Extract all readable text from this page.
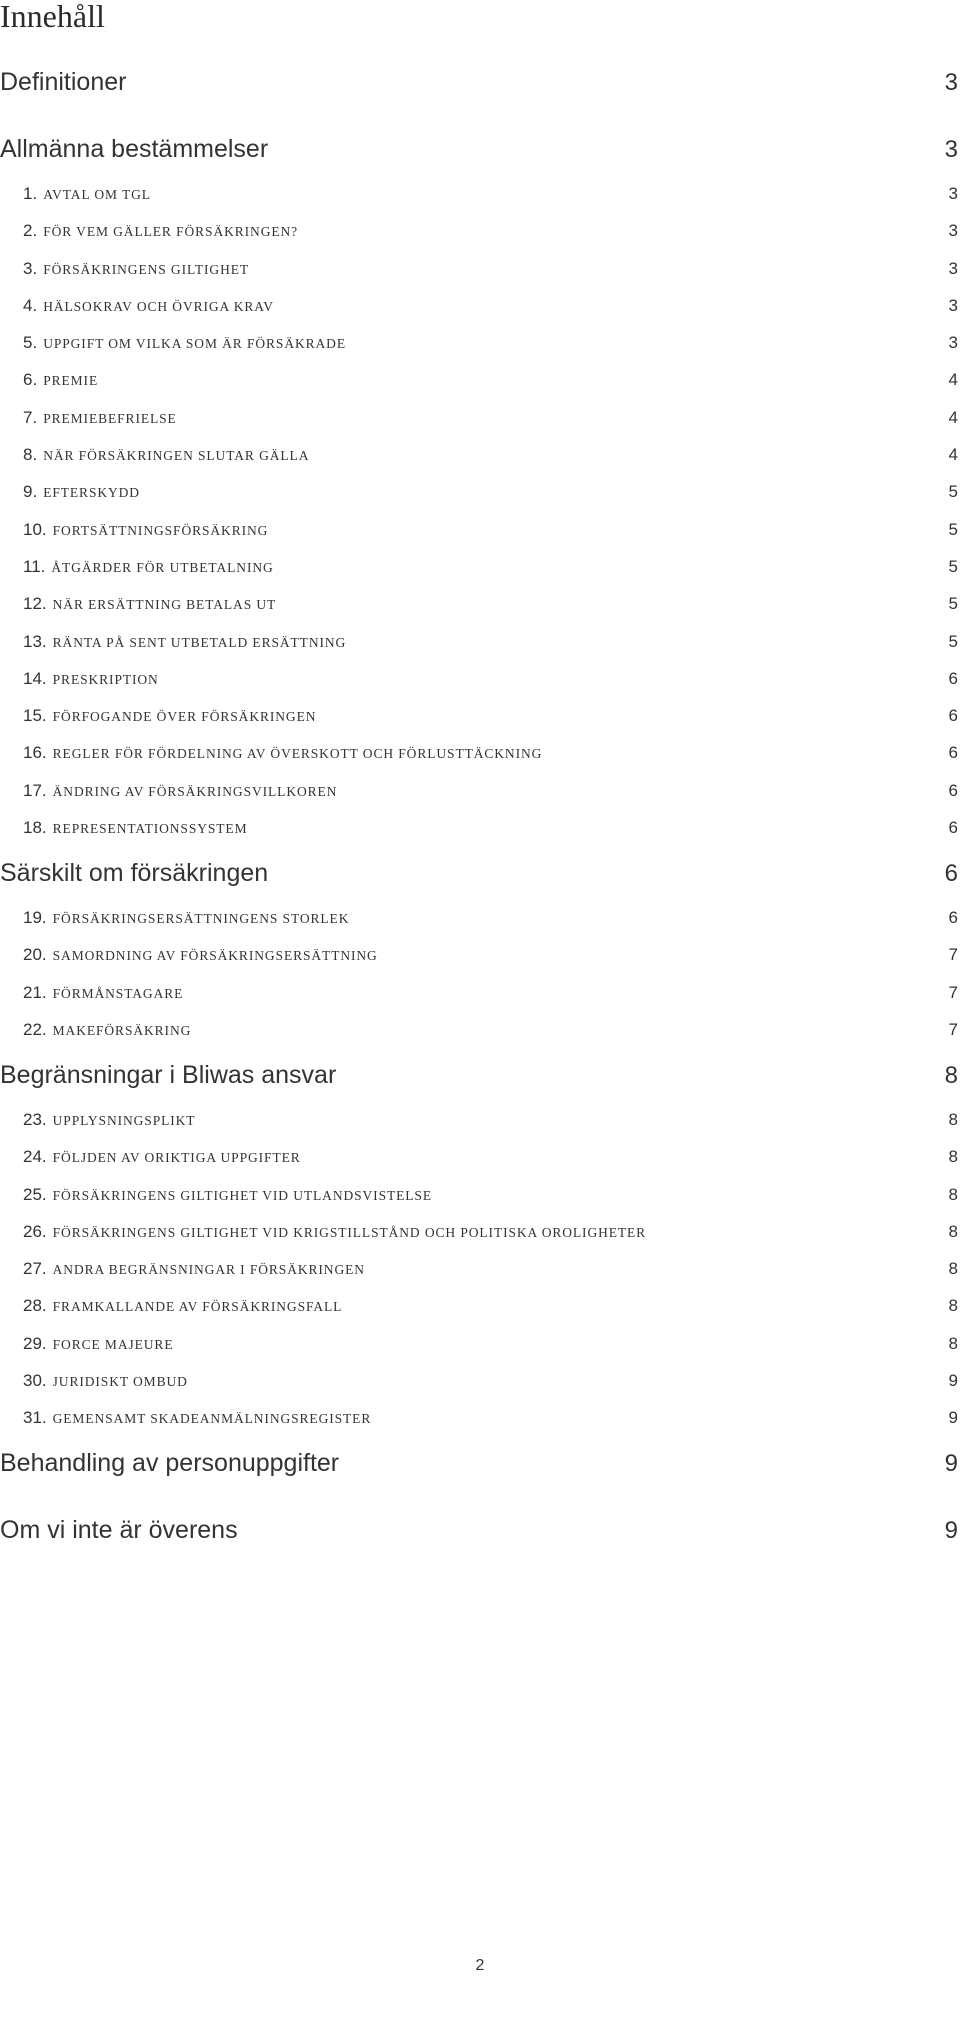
Innehåll
Definitioner	3
Allmänna bestämmelser	3
1. AVTAL OM TGL	3
2. FÖR VEM GÄLLER FÖRSÄKRINGEN?	3
3. FÖRSÄKRINGENS GILTIGHET	3
4. HÄLSOKRAV OCH ÖVRIGA KRAV	3
5. UPPGIFT OM VILKA SOM ÄR FÖRSÄKRADE	3
6. PREMIE	4
7. PREMIEBEFRIELSE	4
8. NÄR FÖRSÄKRINGEN SLUTAR GÄLLA	4
9. EFTERSKYDD	5
10. FORTSÄTTNINGSFÖRSÄKRING	5
11. ÅTGÄRDER FÖR UTBETALNING	5
12. NÄR ERSÄTTNING BETALAS UT	5
13. RÄNTA PÅ SENT UTBETALD ERSÄTTNING	5
14. PRESKRIPTION	6
15. FÖRFOGANDE ÖVER FÖRSÄKRINGEN	6
16. REGLER FÖR FÖRDELNING AV ÖVERSKOTT OCH FÖRLUSTTÄCKNING	6
17. ÄNDRING AV FÖRSÄKRINGSVILLKOREN	6
18. REPRESENTATIONSSYSTEM	6
Särskilt om försäkringen	6
19. FÖRSÄKRINGSERSÄTTNINGENS STORLEK	6
20. SAMORDNING AV FÖRSÄKRINGSERSÄTTNING	7
21. FÖRMÅNSTAGARE	7
22. MAKEFÖRSÄKRING	7
Begränsningar i Bliwas ansvar	8
23. UPPLYSNINGSPLIKT	8
24. FÖLJDEN AV ORIKTIGA UPPGIFTER	8
25. FÖRSÄKRINGENS GILTIGHET VID UTLANDSVISTELSE	8
26. FÖRSÄKRINGENS GILTIGHET VID KRIGSTILLSTÅND OCH POLITISKA OROLIGHETER	8
27. ANDRA BEGRÄNSNINGAR I FÖRSÄKRINGEN	8
28. FRAMKALLANDE AV FÖRSÄKRINGSFALL	8
29. FORCE MAJEURE	8
30. JURIDISKT OMBUD	9
31. GEMENSAMT SKADEANMÄLNINGSREGISTER	9
Behandling av personuppgifter	9
Om vi inte är överens	9
2
